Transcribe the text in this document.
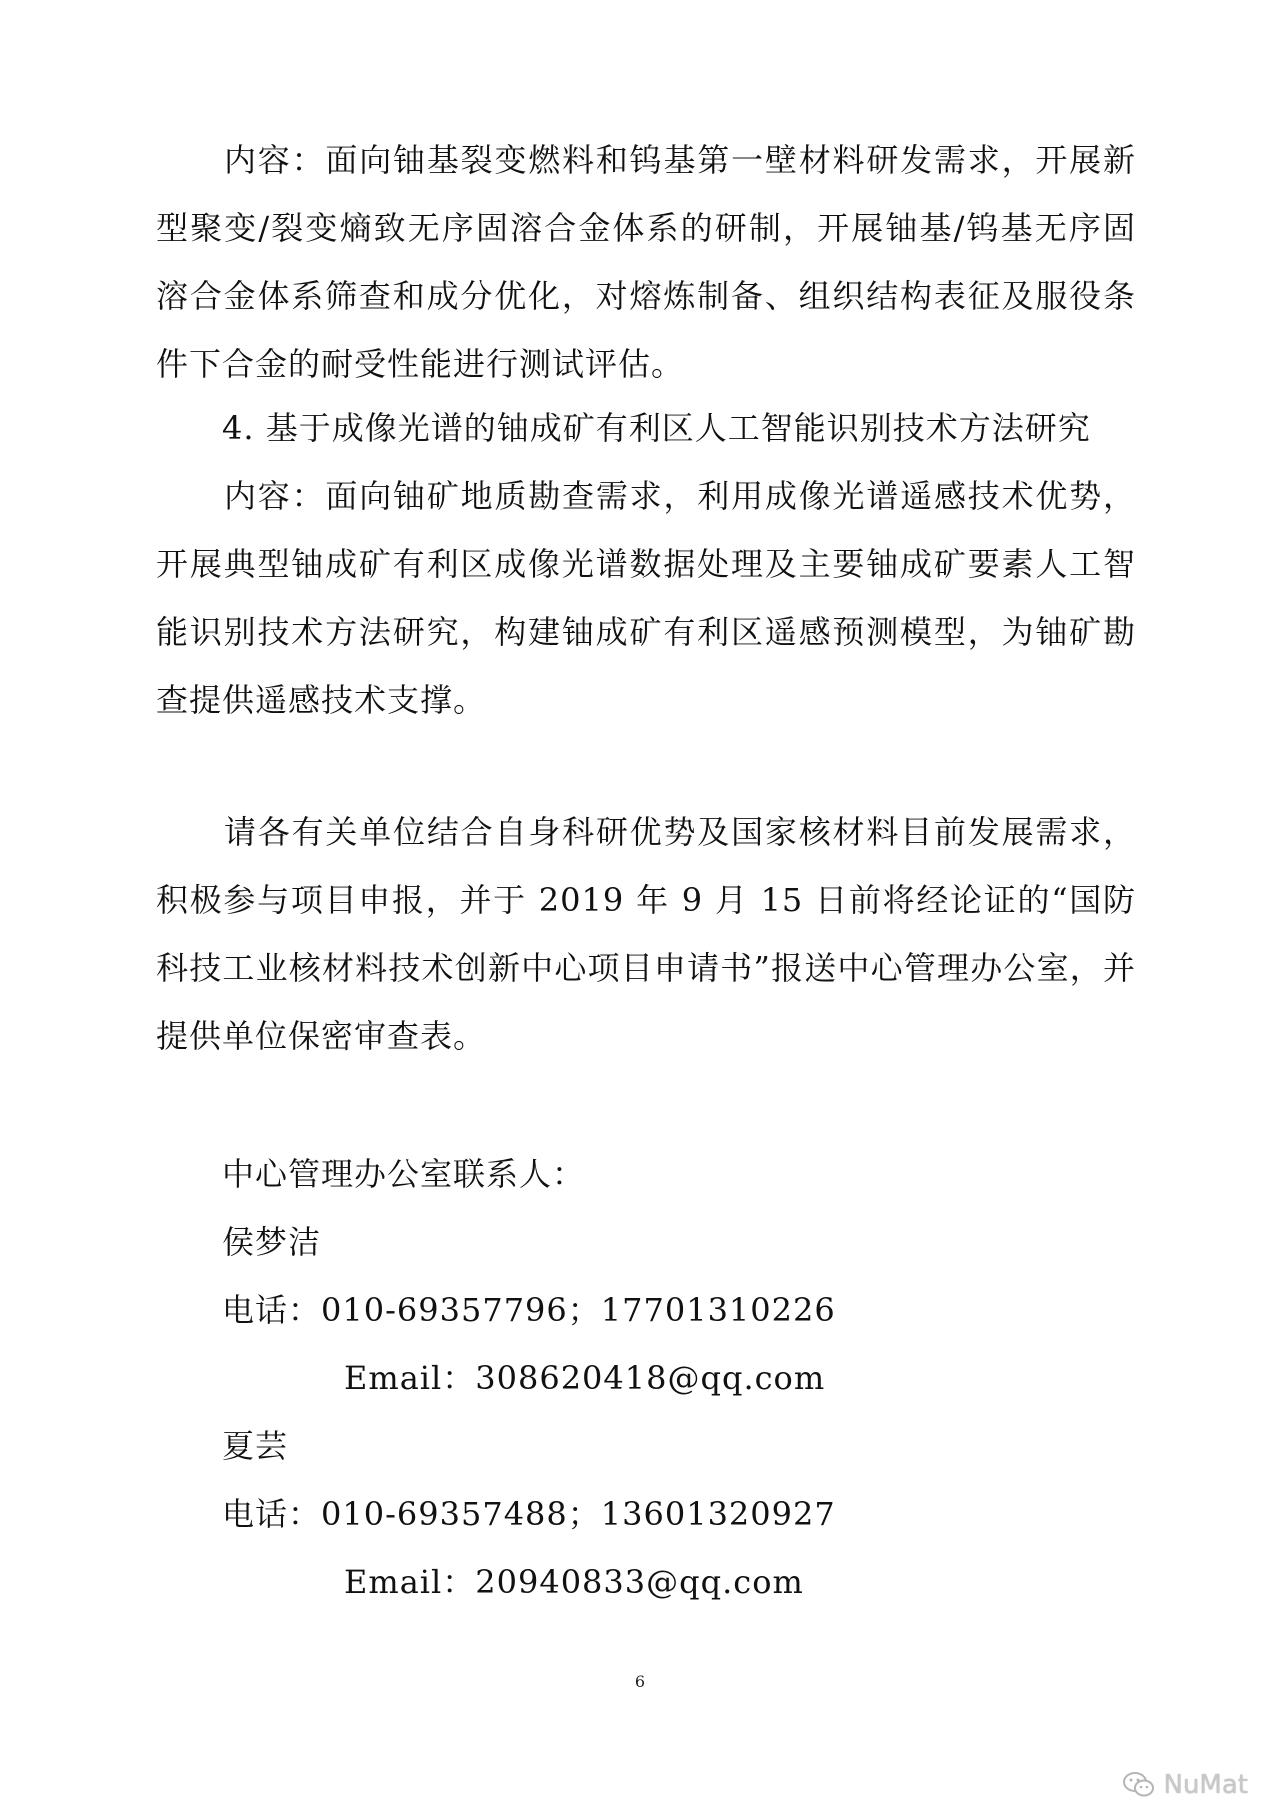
内容：面向铀基裂变燃料和钨基第一壁材料研发需求，开展新型聚变/裂变熵致无序固溶合金体系的研制，开展铀基/钨基无序固溶合金体系筛查和成分优化，对熔炼制备、组织结构表征及服役条件下合金的耐受性能进行测试评估。

4. 基于成像光谱的铀成矿有利区人工智能识别技术方法研究

内容：面向铀矿地质勘查需求，利用成像光谱遥感技术优势，开展典型铀成矿有利区成像光谱数据处理及主要铀成矿要素人工智能识别技术方法研究，构建铀成矿有利区遥感预测模型，为铀矿勘查提供遥感技术支撑。

请各有关单位结合自身科研优势及国家核材料目前发展需求，积极参与项目申报，并于 2019 年 9 月 15 日前将经论证的“国防科技工业核材料技术创新中心项目申请书”报送中心管理办公室，并提供单位保密审查表。

中心管理办公室联系人：

侯梦洁

电话：010-69357796；17701310226

Email：308620418@qq.com

夏芸

电话：010-69357488；13601320927

Email：20940833@qq.com

6
NuMat
